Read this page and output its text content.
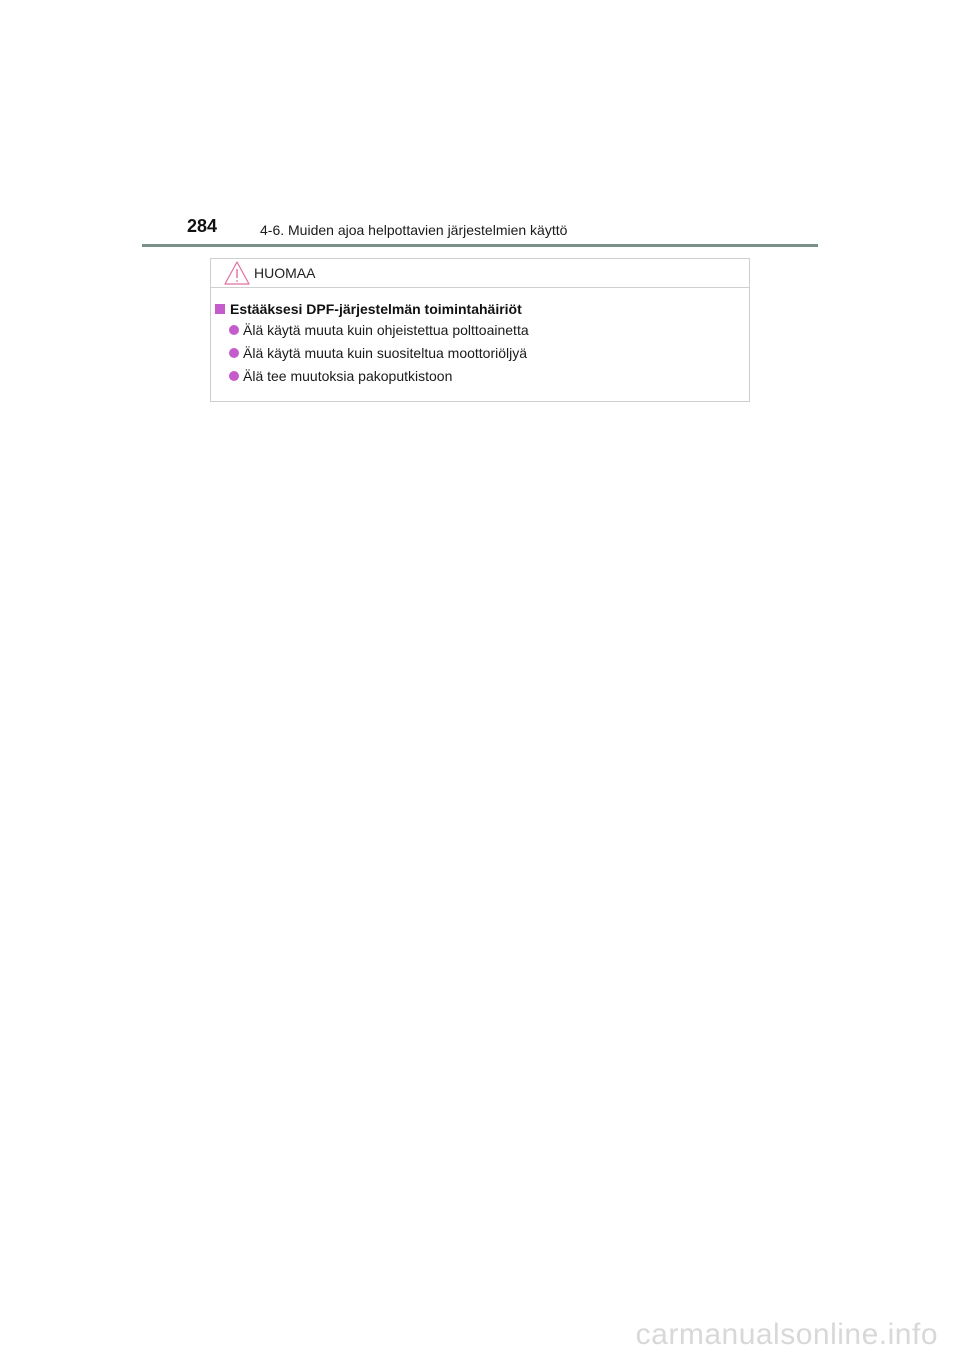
284	4-6. Muiden ajoa helpottavien järjestelmien käyttö
HUOMAA
Estääksesi DPF-järjestelmän toimintahäiriöt
Älä käytä muuta kuin ohjeistettua polttoainetta
Älä käytä muuta kuin suositeltua moottoriöljyä
Älä tee muutoksia pakoputkistoon
carmanualsonline.info
